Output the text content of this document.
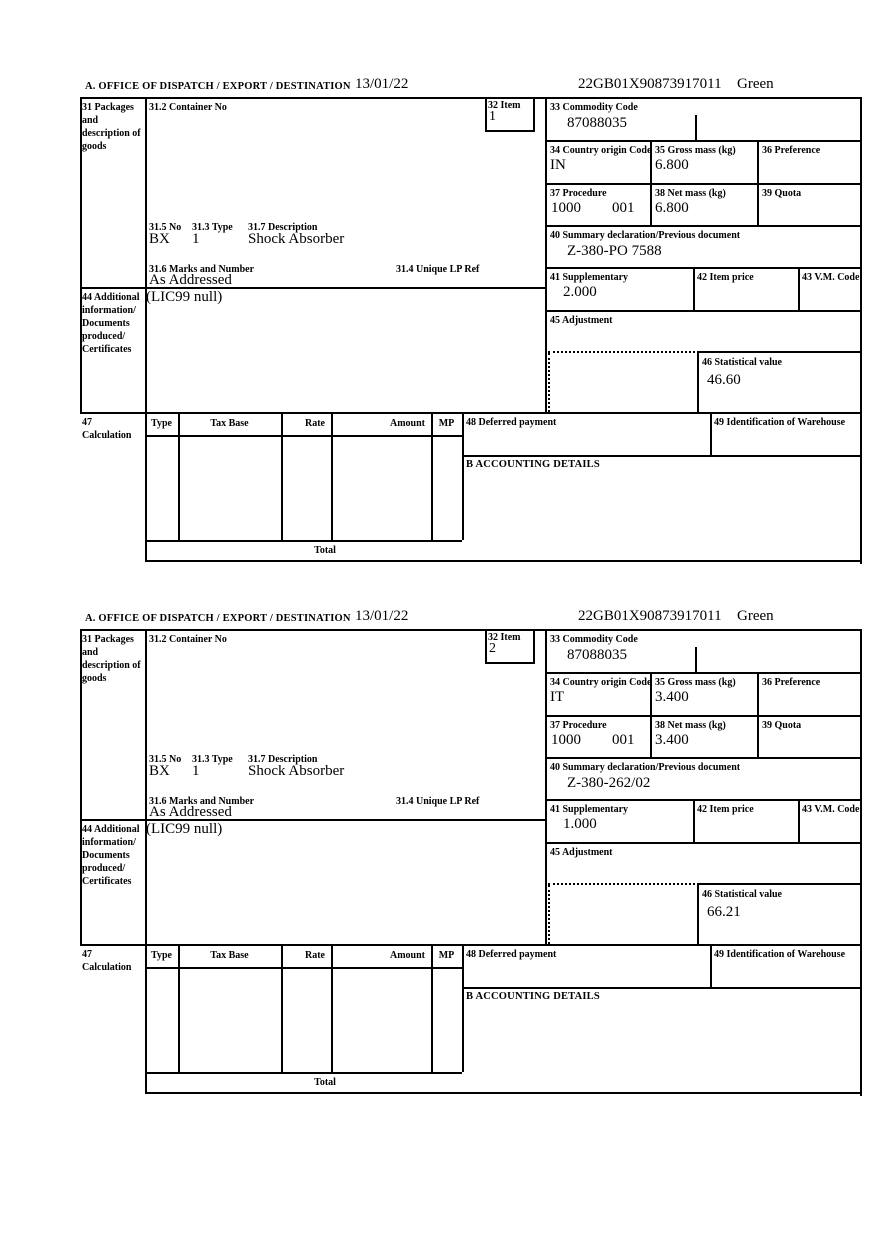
A. OFFICE OF DISPATCH / EXPORT / DESTINATION 13/01/22	22GB01X90873917011 Green
31 Packages and description of goods
31.2 Container No	32 Item
1
33 Commodity Code
87088035
34 Country origin Code
IN
35 Gross mass (kg)
6.800
36 Preference
37 Procedure
1000 001
38 Net mass (kg)
6.800
39 Quota
31.5 No 31.3 Type 31.7 Description
BX 1	Shock Absorber	40 Summary declaration/Previous document
Z-380-PO 7588
31.6 Marks and Number	31.4 Unique LP Ref
As Addressed	41 Supplementary
2.000
42 Item price	43 V.M. Code
44 Additional information/ Documents produced/ Certificates
(LIC99 null)
45 Adjustment
46 Statistical value
46.60
47 Calculation
Type	Tax Base	Rate	Amount	MP	48 Deferred payment	49 Identification of Warehouse
B ACCOUNTING DETAILS
Total
A. OFFICE OF DISPATCH / EXPORT / DESTINATION 13/01/22	22GB01X90873917011 Green
31 Packages and description of goods
31.2 Container No	32 Item
2
33 Commodity Code
87088035
34 Country origin Code
IT
35 Gross mass (kg)
3.400
36 Preference
37 Procedure
1000 001
38 Net mass (kg)
3.400
39 Quota
31.5 No 31.3 Type 31.7 Description
BX 1	Shock Absorber	40 Summary declaration/Previous document
Z-380-262/02
31.6 Marks and Number	31.4 Unique LP Ref
As Addressed	41 Supplementary
1.000
42 Item price	43 V.M. Code
44 Additional information/ Documents produced/ Certificates
(LIC99 null)
45 Adjustment
46 Statistical value
66.21
47 Calculation
Type	Tax Base	Rate	Amount	MP	48 Deferred payment	49 Identification of Warehouse
B ACCOUNTING DETAILS
Total
